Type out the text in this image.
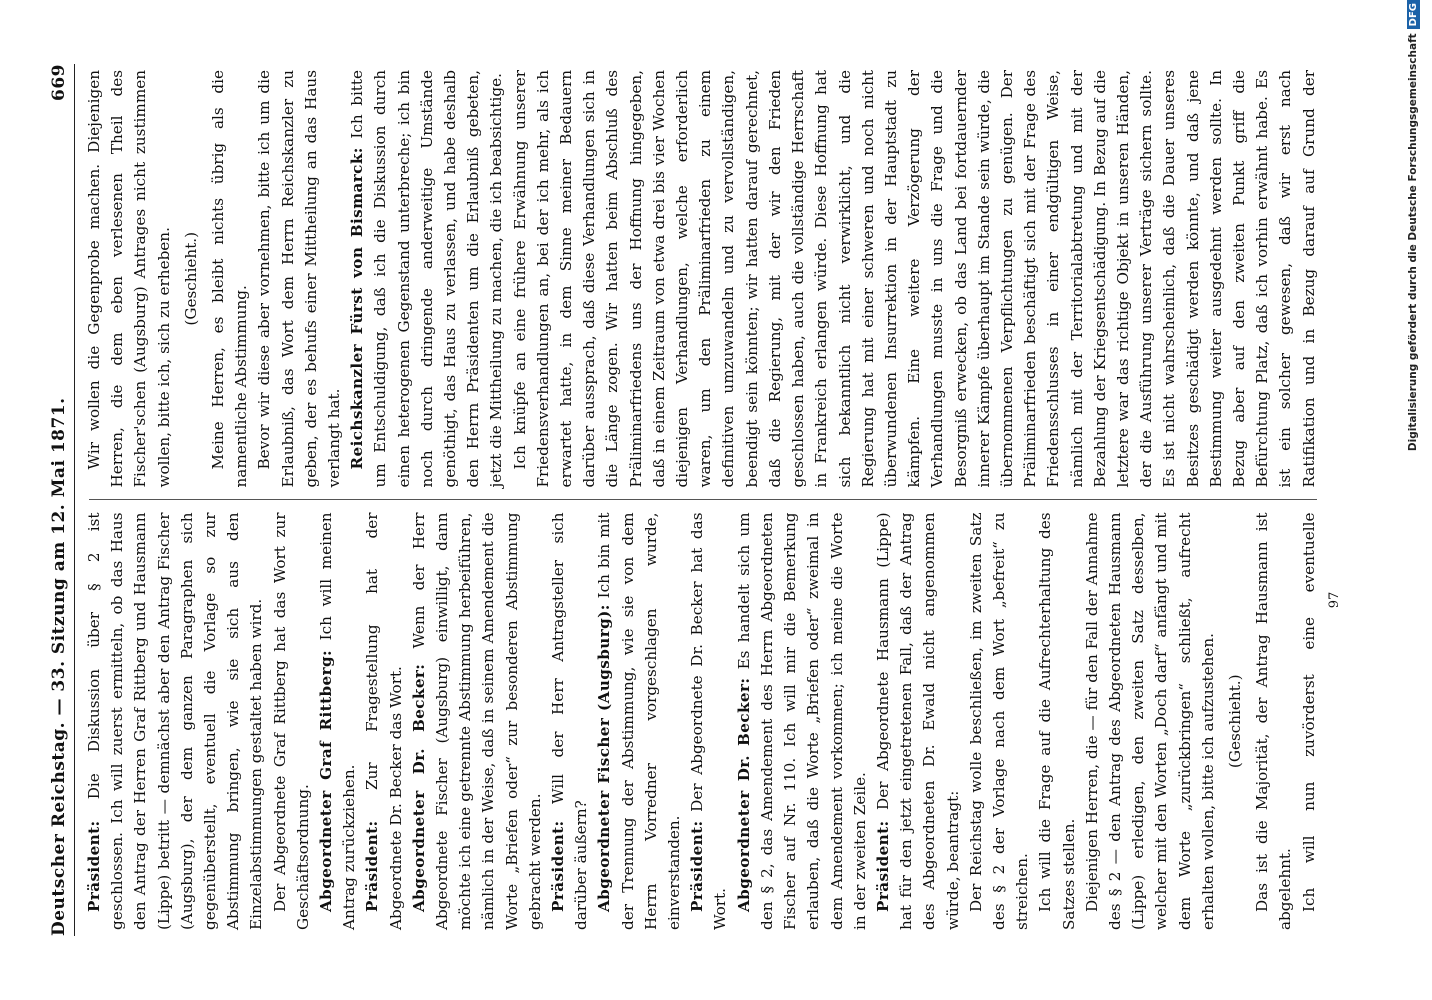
Deutscher Reichstag. — 33. Sitzung am 12. Mai 1871.
669

Präsident: Die Diskussion über § 2 ist geschlossen. Ich will zuerst ermitteln, ob das Haus den Antrag der Herren Graf Rittberg und Hausmann (Lippe) betritt — demnächst aber den Antrag Fischer (Augsburg), der dem ganzen Paragraphen sich gegenüberstellt, eventuell die Vorlage so zur Abstimmung bringen, wie sie sich aus den Einzelabstimmungen gestaltet haben wird. Der Abgeordnete Graf Rittberg hat das Wort zur Geschäftsordnung. Abgeordneter Graf Rittberg: Ich will meinen Antrag zurückziehen. Präsident: Zur Fragestellung hat der Abgeordnete Dr. Becker das Wort. Abgeordneter Dr. Becker: Wenn der Herr Abgeordnete Fischer (Augsburg) einwilligt, dann möchte ich eine getrennte Abstimmung herbeiführen, nämlich in der Weise, daß in seinem Amendement die Worte „Briefen oder“ zur besonderen Abstimmung gebracht werden. Präsident: Will der Herr Antragsteller sich darüber äußern? Abgeordneter Fischer (Augsburg): Ich bin mit der Trennung der Abstimmung, wie sie von dem Herrn Vorredner vorgeschlagen wurde, einverstanden. Präsident: Der Abgeordnete Dr. Becker hat das Wort. Abgeordneter Dr. Becker: Es handelt sich um den § 2, das Amendement des Herrn Abgeordneten Fischer auf Nr. 110. Ich will mir die Bemerkung erlauben, daß die Worte „Briefen oder“ zweimal in dem Amendement vorkommen; ich meine die Worte in der zweiten Zeile. Präsident: Der Abgeordnete Hausmann (Lippe) hat für den jetzt eingetretenen Fall, daß der Antrag des Abgeordneten Dr. Ewald nicht angenommen würde, beantragt: Der Reichstag wolle beschließen, im zweiten Satz des § 2 der Vorlage nach dem Wort „befreit“ zu streichen. Ich will die Frage auf die Aufrechterhaltung des Satzes stellen. Diejenigen Herren, die — für den Fall der Annahme des § 2 — den Antrag des Abgeordneten Hausmann (Lippe) erledigen, den zweiten Satz desselben, welcher mit den Worten „Doch darf“ anfängt und mit dem Worte „zurückbringen“ schließt, aufrecht erhalten wollen, bitte ich aufzustehen. (Geschieht.) Das ist die Majorität, der Antrag Hausmann ist abgelehnt. Ich will nun zuvörderst eine eventuelle

Wir wollen die Gegenprobe machen. Diejenigen Herren, die dem eben verlesenen Theil des Fischer'schen (Augsburg) Antrages nicht zustimmen wollen, bitte ich, sich zu erheben. (Geschieht.) Meine Herren, es bleibt nichts übrig als die namentliche Abstimmung. Bevor wir diese aber vornehmen, bitte ich um die Erlaubniß, das Wort dem Herrn Reichskanzler zu geben, der es behufs einer Mittheilung an das Haus verlangt hat. Reichskanzler Fürst von Bismarck: Ich bitte um Entschuldigung, daß ich die Diskussion durch einen heterogenen Gegenstand unterbreche; ich bin noch durch dringende anderweitige Umstände genöthigt, das Haus zu verlassen, und habe deshalb den Herrn Präsidenten um die Erlaubniß gebeten, jetzt die Mittheilung zu machen, die ich beabsichtige. Ich knüpfe an eine frühere Erwähnung unserer Friedensverhandlungen an, bei der ich mehr, als ich erwartet hatte, in dem Sinne meiner Bedauern darüber aussprach, daß diese Verhandlungen sich in die Länge zogen. Wir hatten beim Abschluß des Präliminarfriedens uns der Hoffnung hingegeben, daß in einem Zeitraum von etwa drei bis vier Wochen diejenigen Verhandlungen, welche erforderlich waren, um den Präliminarfrieden zu einem definitiven umzuwandeln und zu vervollständigen, beendigt sein könnten; wir hatten darauf gerechnet, daß die Regierung, mit der wir den Frieden geschlossen haben, auch die vollständige Herrschaft in Frankreich erlangen würde. Diese Hoffnung hat sich bekanntlich nicht verwirklicht, und die Regierung hat mit einer schweren und noch nicht überwundenen Insurrektion in der Hauptstadt zu kämpfen. Eine weitere Verzögerung der Verhandlungen musste in uns die Frage und die Besorgniß erwecken, ob das Land bei fortdauernder innerer Kämpfe überhaupt im Stande sein würde, die übernommenen Verpflichtungen zu genügen. Der Präliminarfrieden beschäftigt sich mit der Frage des Friedensschlusses in einer endgültigen Weise, nämlich mit der Territorialabtretung und mit der Bezahlung der Kriegsentschädigung. In Bezug auf die letztere war das richtige Objekt in unseren Händen, der die Ausführung unserer Verträge sichern sollte. Es ist nicht wahrscheinlich, daß die Dauer unseres Besitzes geschädigt werden könnte, und daß jene Bestimmung weiter ausgedehnt werden sollte. In Bezug aber auf den zweiten Punkt griff die Befürchtung Platz, daß ich vorhin erwähnt habe. Es ist ein solcher gewesen, daß wir erst nach Ratifikation und in Bezug darauf auf Grund der

97
Digitalisierung gefördert durch die Deutsche Forschungsgemeinschaft
DFG
